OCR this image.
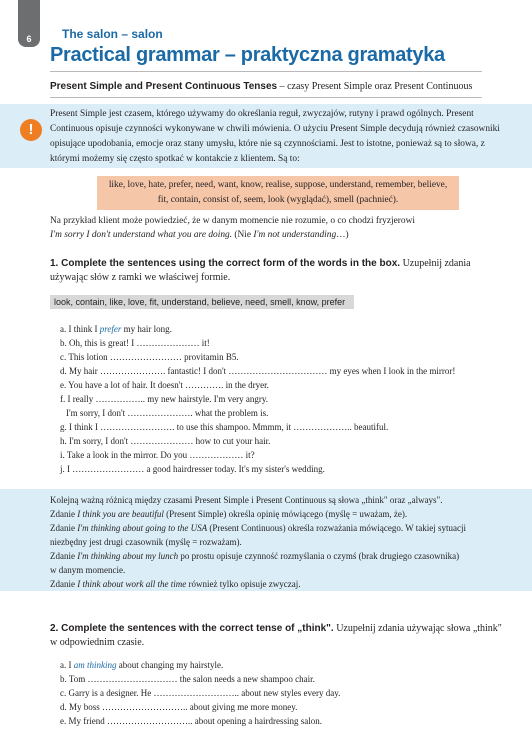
6	The salon – salon
Practical grammar – praktyczna gramatyka
Present Simple and Present Continuous Tenses – czasy Present Simple oraz Present Continuous
!
Present Simple jest czasem, którego używamy do określania reguł, zwyczajów, rutyny i prawd ogólnych. Present Continuous opisuje czynności wykonywane w chwili mówienia. O użyciu Present Simple decydują również czasowniki opisujące upodobania, emocje oraz stany umysłu, które nie są czynnościami. Jest to istotne, ponieważ są to słowa, z którymi możemy się często spotkać w kontakcie z klientem. Są to:
like, love, hate, prefer, need, want, know, realise, suppose, understand, remember, believe,
fit, contain, consist of, seem, look (wyglądać), smell (pachnieć).
Na przykład klient może powiedzieć, że w danym momencie nie rozumie, o co chodzi fryzjerowi
I'm sorry I don't understand what you are doing. (Nie I'm not understanding…)
1. Complete the sentences using the correct form of the words in the box. Uzupełnij zdania używając słów z ramki we właściwej formie.
look, contain, like, love, fit, understand, believe, need, smell, know, prefer
a. I think I prefer my hair long.
b. Oh, this is great! I ………………… it!
c. This lotion …………………… provitamin B5.
d. My hair …………………. fantastic! I don't …………………………… my eyes when I look in the mirror!
e. You have a lot of hair. It doesn't …………. in the dryer.
f. I really …………….. my new hairstyle. I'm very angry.
I'm sorry, I don't …………………. what the problem is.
g. I think I ……………………. to use this shampoo. Mmmm, it ……………….. beautiful.
h. I'm sorry, I don't ………………… how to cut your hair.
i. Take a look in the mirror. Do you ……………… it?
j. I …………………… a good hairdresser today. It's my sister's wedding.
Kolejną ważną różnicą między czasami Present Simple i Present Continuous są słowa „think" oraz „always".
Zdanie I think you are beautiful (Present Simple) określa opinię mówiącego (myślę = uważam, że).
Zdanie I'm thinking about going to the USA (Present Continuous) określa rozważania mówiącego. W takiej sytuacji
niezbędny jest drugi czasownik (myślę = rozważam).
Zdanie I'm thinking about my lunch po prostu opisuje czynność rozmyślania o czymś (brak drugiego czasownika)
w danym momencie.
Zdanie I think about work all the time również tylko opisuje zwyczaj.
2. Complete the sentences with the correct tense of „think". Uzupełnij zdania używając słowa „think" w odpowiednim czasie.
a. I am thinking about changing my hairstyle.
b. Tom ………………………… the salon needs a new shampoo chair.
c. Garry is a designer. He ……………………….. about new styles every day.
d. My boss ……………………….. about giving me more money.
e. My friend ……………………….. about opening a hairdressing salon.
